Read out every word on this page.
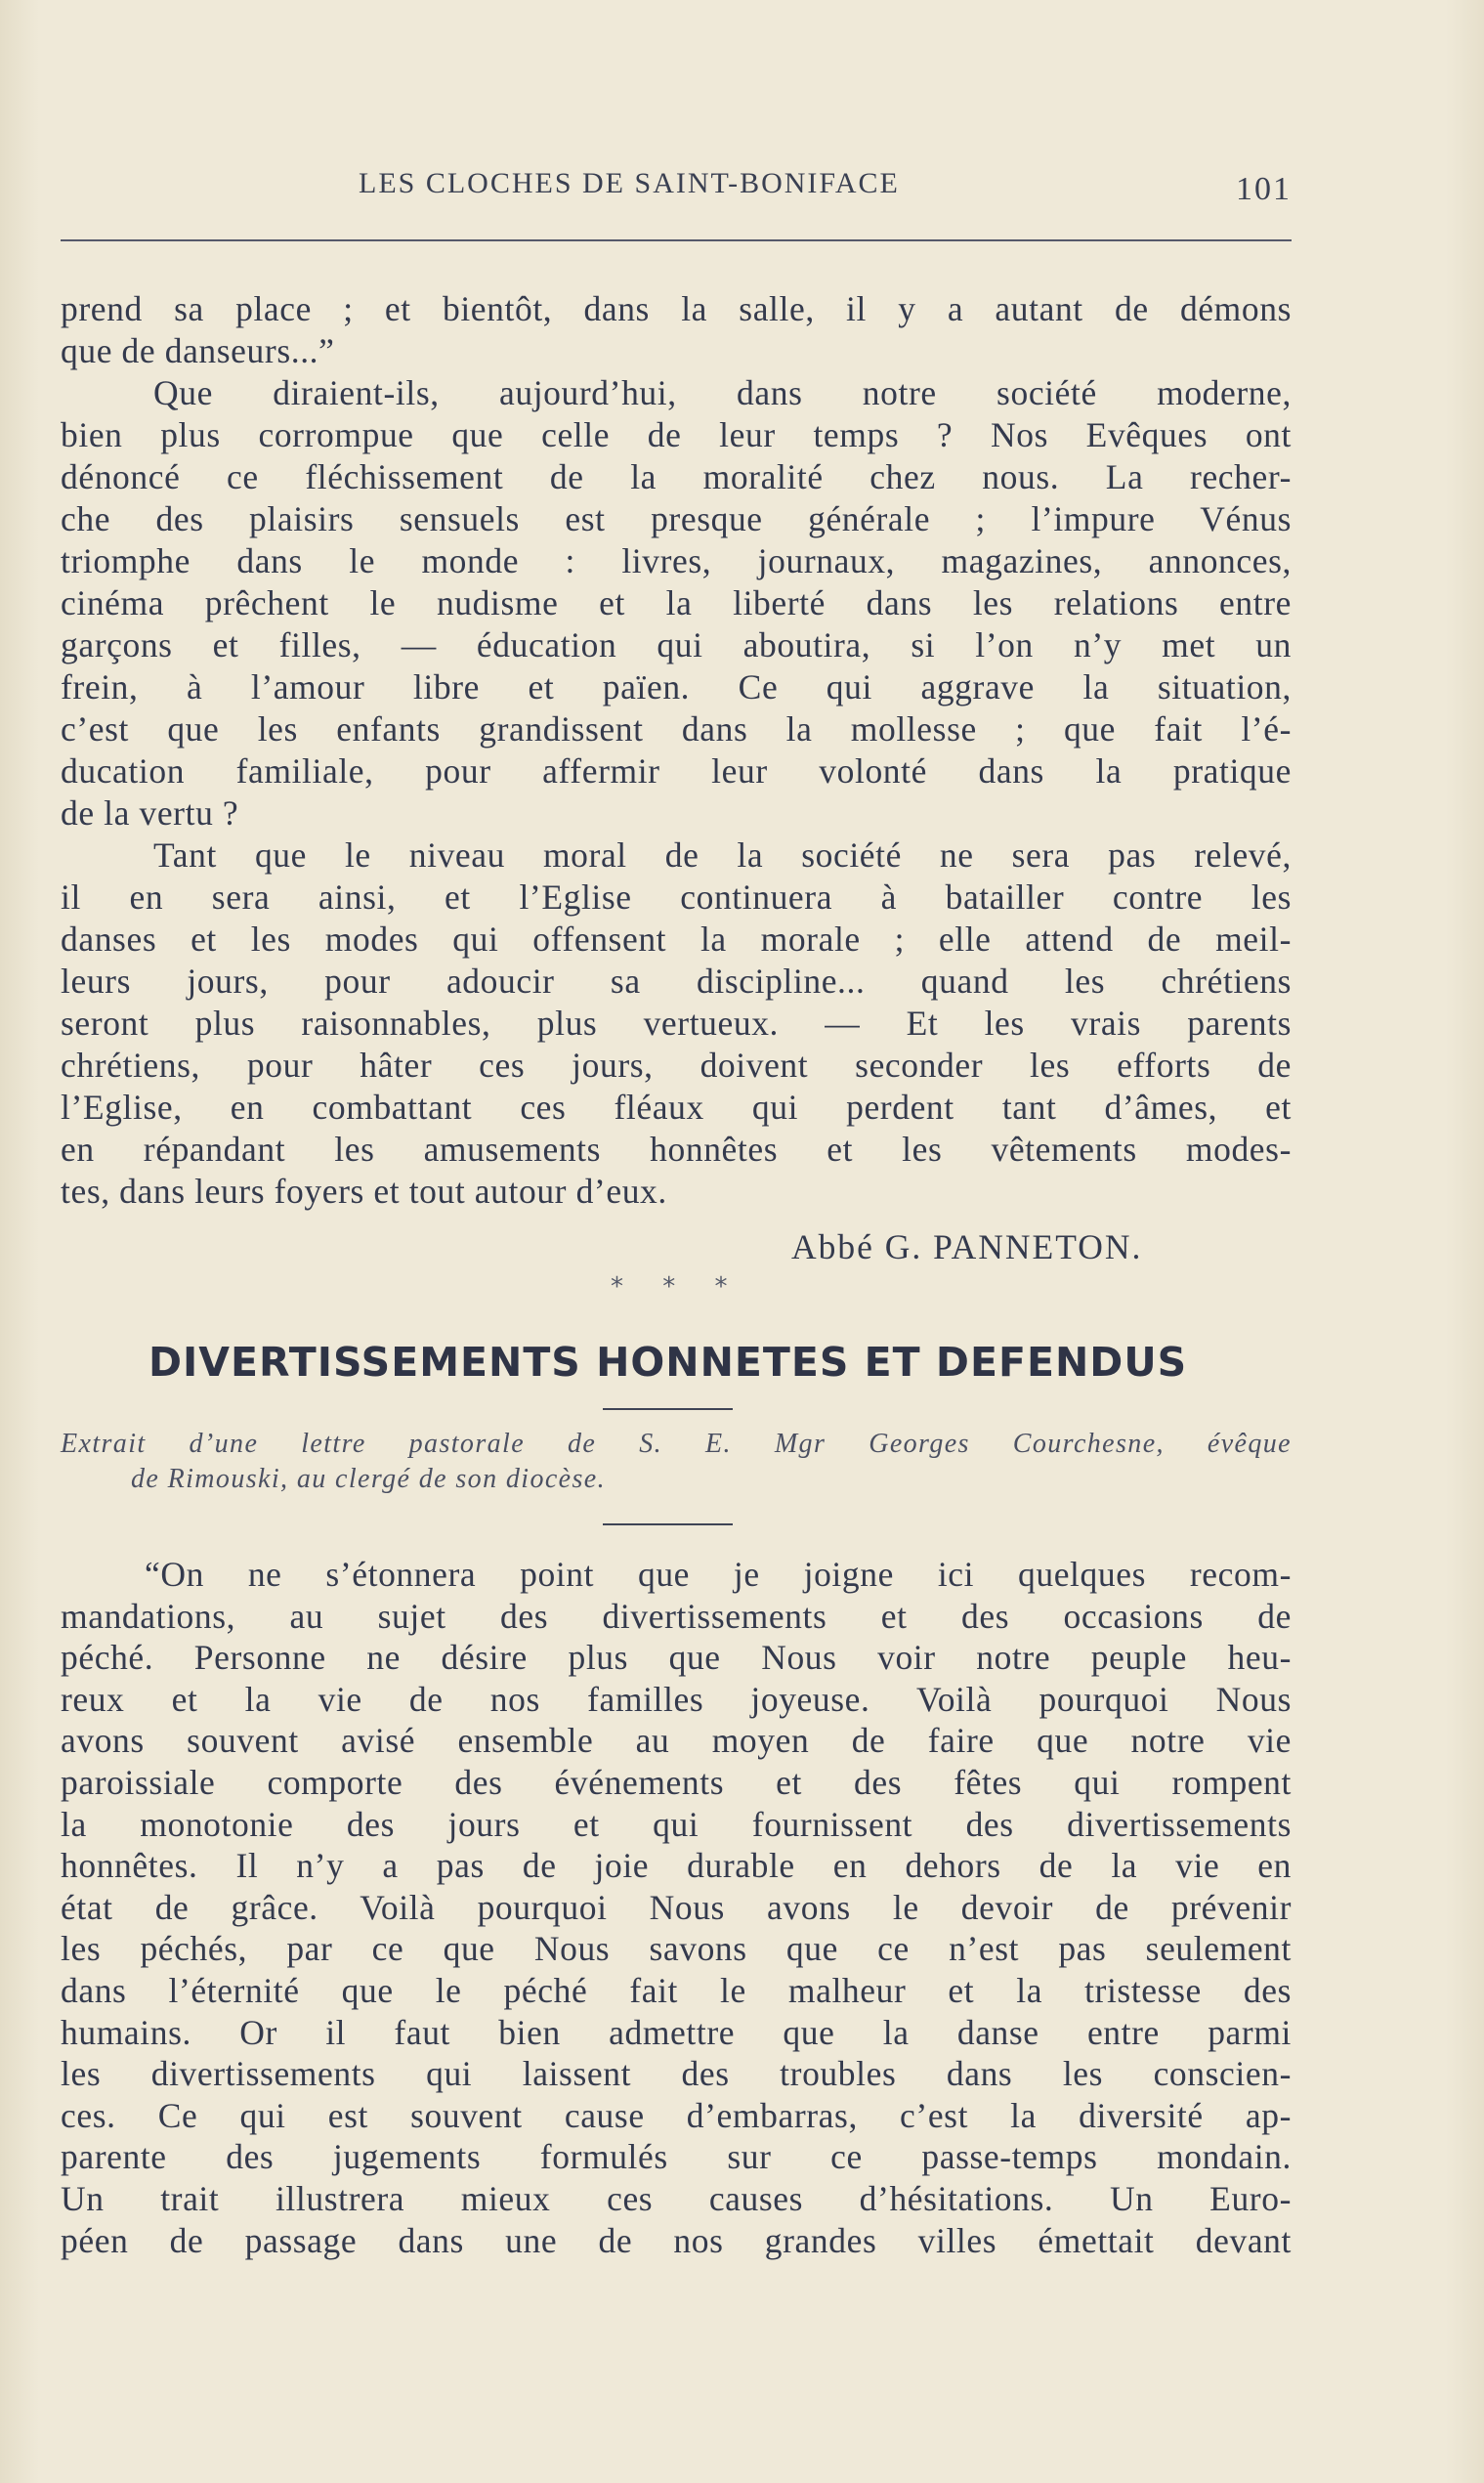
LES CLOCHES DE SAINT-BONIFACE	101
prend sa place ; et bientôt, dans la salle, il y a autant de démons
que de danseurs...”
Que diraient-ils, aujourd’hui, dans notre société moderne,
bien plus corrompue que celle de leur temps ? Nos Evêques ont
dénoncé ce fléchissement de la moralité chez nous. La recher-
che des plaisirs sensuels est presque générale ; l’impure Vénus
triomphe dans le monde : livres, journaux, magazines, annonces,
cinéma prêchent le nudisme et la liberté dans les relations entre
garçons et filles, — éducation qui aboutira, si l’on n’y met un
frein, à l’amour libre et païen. Ce qui aggrave la situation,
c’est que les enfants grandissent dans la mollesse ; que fait l’é-
ducation familiale, pour affermir leur volonté dans la pratique
de la vertu ?
Tant que le niveau moral de la société ne sera pas relevé,
il en sera ainsi, et l’Eglise continuera à batailler contre les
danses et les modes qui offensent la morale ; elle attend de meil-
leurs jours, pour adoucir sa discipline... quand les chrétiens
seront plus raisonnables, plus vertueux. — Et les vrais parents
chrétiens, pour hâter ces jours, doivent seconder les efforts de
l’Eglise, en combattant ces fléaux qui perdent tant d’âmes, et
en répandant les amusements honnêtes et les vêtements modes-
tes, dans leurs foyers et tout autour d’eux.
Abbé G. PANNETON.
* * *
DIVERTISSEMENTS HONNETES ET DEFENDUS
Extrait d’une lettre pastorale de S. E. Mgr Georges Courchesne, évêque
de Rimouski, au clergé de son diocèse.
“On ne s’étonnera point que je joigne ici quelques recom-
mandations, au sujet des divertissements et des occasions de
péché. Personne ne désire plus que Nous voir notre peuple heu-
reux et la vie de nos familles joyeuse. Voilà pourquoi Nous
avons souvent avisé ensemble au moyen de faire que notre vie
paroissiale comporte des événements et des fêtes qui rompent
la monotonie des jours et qui fournissent des divertissements
honnêtes. Il n’y a pas de joie durable en dehors de la vie en
état de grâce. Voilà pourquoi Nous avons le devoir de prévenir
les péchés, par ce que Nous savons que ce n’est pas seulement
dans l’éternité que le péché fait le malheur et la tristesse des
humains. Or il faut bien admettre que la danse entre parmi
les divertissements qui laissent des troubles dans les conscien-
ces. Ce qui est souvent cause d’embarras, c’est la diversité ap-
parente des jugements formulés sur ce passe-temps mondain.
Un trait illustrera mieux ces causes d’hésitations. Un Euro-
péen de passage dans une de nos grandes villes émettait devant
